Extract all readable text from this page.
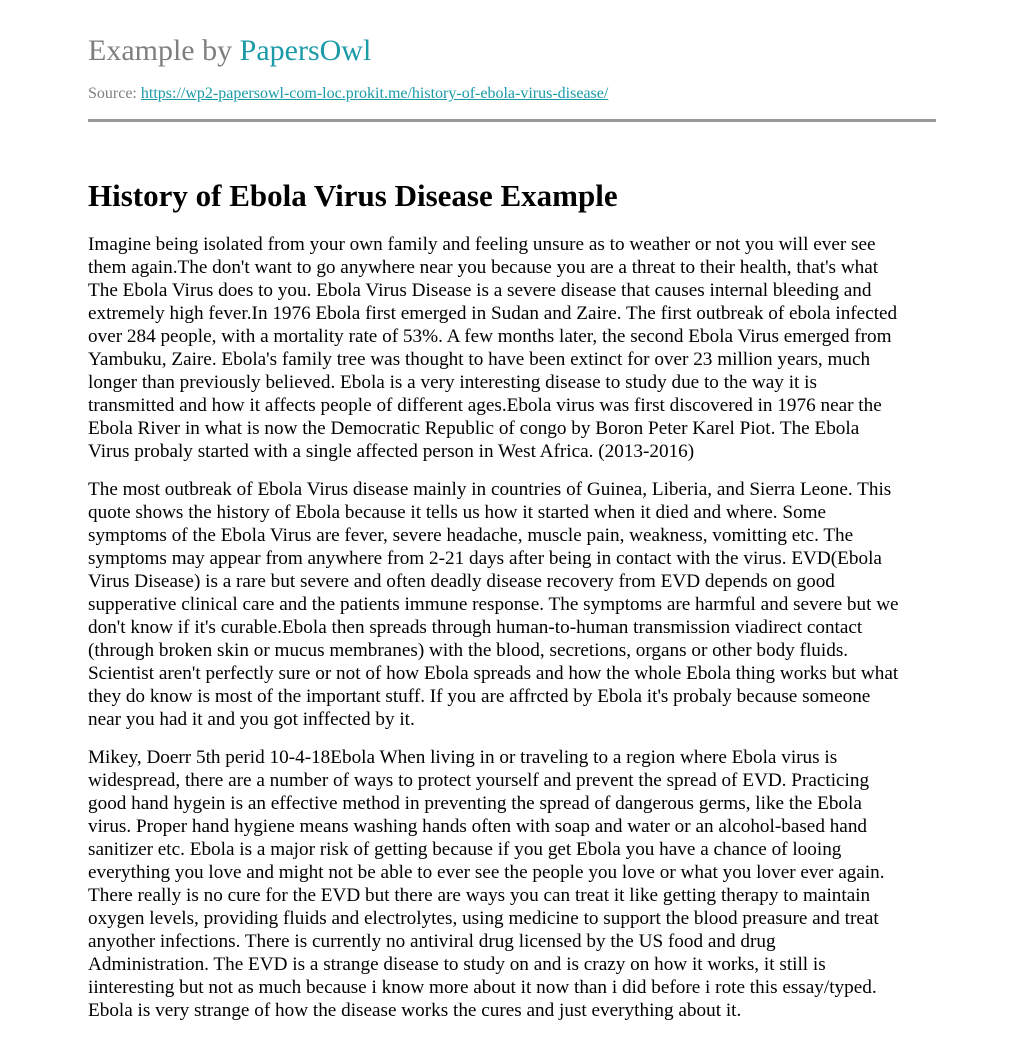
Example by PapersOwl
Source: https://wp2-papersowl-com-loc.prokit.me/history-of-ebola-virus-disease/
History of Ebola Virus Disease Example

Imagine being isolated from your own family and feeling unsure as to weather or not you will ever see

them again.The don't want to go anywhere near you because you are a threat to their health, that's what

The Ebola Virus does to you. Ebola Virus Disease is a severe disease that causes internal bleeding and

extremely high fever.In 1976 Ebola first emerged in Sudan and Zaire. The first outbreak of ebola infected

over 284 people, with a mortality rate of 53%. A few months later, the second Ebola Virus emerged from

Yambuku, Zaire. Ebola's family tree was thought to have been extinct for over 23 million years, much

longer than previously believed. Ebola is a very interesting disease to study due to the way it is

transmitted and how it affects people of different ages.Ebola virus was first discovered in 1976 near the

Ebola River in what is now the Democratic Republic of congo by Boron Peter Karel Piot. The Ebola

Virus probaly started with a single affected person in West Africa. (2013-2016)

The most outbreak of Ebola Virus disease mainly in countries of Guinea, Liberia, and Sierra Leone. This

quote shows the history of Ebola because it tells us how it started when it died and where. Some

symptoms of the Ebola Virus are fever, severe headache, muscle pain, weakness, vomitting etc. The

symptoms may appear from anywhere from 2-21 days after being in contact with the virus. EVD(Ebola

Virus Disease) is a rare but severe and often deadly disease recovery from EVD depends on good

supperative clinical care and the patients immune response. The symptoms are harmful and severe but we

don't know if it's curable.Ebola then spreads through human-to-human transmission viadirect contact

(through broken skin or mucus membranes) with the blood, secretions, organs or other body fluids.

Scientist aren't perfectly sure or not of how Ebola spreads and how the whole Ebola thing works but what

they do know is most of the important stuff. If you are affrcted by Ebola it's probaly because someone

near you had it and you got inffected by it.

Mikey, Doerr 5th perid 10-4-18Ebola When living in or traveling to a region where Ebola virus is

widespread, there are a number of ways to protect yourself and prevent the spread of EVD. Practicing

good hand hygein is an effective method in preventing the spread of dangerous germs, like the Ebola

virus. Proper hand hygiene means washing hands often with soap and water or an alcohol-based hand

sanitizer etc. Ebola is a major risk of getting because if you get Ebola you have a chance of looing

everything you love and might not be able to ever see the people you love or what you lover ever again.

There really is no cure for the EVD but there are ways you can treat it like getting therapy to maintain

oxygen levels, providing fluids and electrolytes, using medicine to support the blood preasure and treat

anyother infections. There is currently no antiviral drug licensed by the US food and drug

Administration. The EVD is a strange disease to study on and is crazy on how it works, it still is

iinteresting but not as much because i know more about it now than i did before i rote this essay/typed.

Ebola is very strange of how the disease works the cures and just everything about it.
